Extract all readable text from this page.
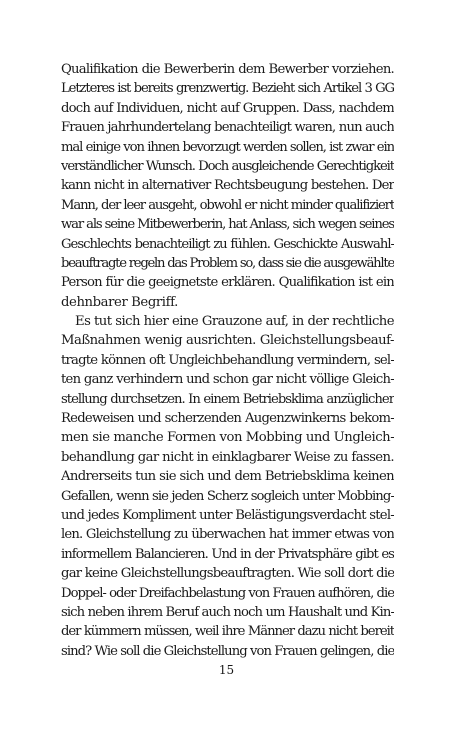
Qualifikation die Bewerberin dem Bewerber vorziehen.
Letzteres ist bereits grenzwertig. Bezieht sich Artikel 3 GG
doch auf Individuen, nicht auf Gruppen. Dass, nachdem
Frauen jahrhundertelang benachteiligt waren, nun auch
mal einige von ihnen bevorzugt werden sollen, ist zwar ein
verständlicher Wunsch. Doch ausgleichende Gerechtigkeit
kann nicht in alternativer Rechtsbeugung bestehen. Der
Mann, der leer ausgeht, obwohl er nicht minder qualifiziert
war als seine Mitbewerberin, hat Anlass, sich wegen seines
Geschlechts benachteiligt zu fühlen. Geschickte Auswahl-
beauftragte regeln das Problem so, dass sie die ausgewählte
Person für die geeignetste erklären. Qualifikation ist ein
dehnbarer Begriff.
Es tut sich hier eine Grauzone auf, in der rechtliche
Maßnahmen wenig ausrichten. Gleichstellungsbeauf-
tragte können oft Ungleichbehandlung vermindern, sel-
ten ganz verhindern und schon gar nicht völlige Gleich-
stellung durchsetzen. In einem Betriebsklima anzüglicher
Redeweisen und scherzenden Augenzwinkerns bekom-
men sie manche Formen von Mobbing und Ungleich-
behandlung gar nicht in einklagbarer Weise zu fassen.
Andrerseits tun sie sich und dem Betriebsklima keinen
Gefallen, wenn sie jeden Scherz sogleich unter Mobbing-
und jedes Kompliment unter Belästigungsverdacht stel-
len. Gleichstellung zu überwachen hat immer etwas von
informellem Balancieren. Und in der Privatsphäre gibt es
gar keine Gleichstellungsbeauftragten. Wie soll dort die
Doppel- oder Dreifachbelastung von Frauen aufhören, die
sich neben ihrem Beruf auch noch um Haushalt und Kin-
der kümmern müssen, weil ihre Männer dazu nicht bereit
sind? Wie soll die Gleichstellung von Frauen gelingen, die
15
